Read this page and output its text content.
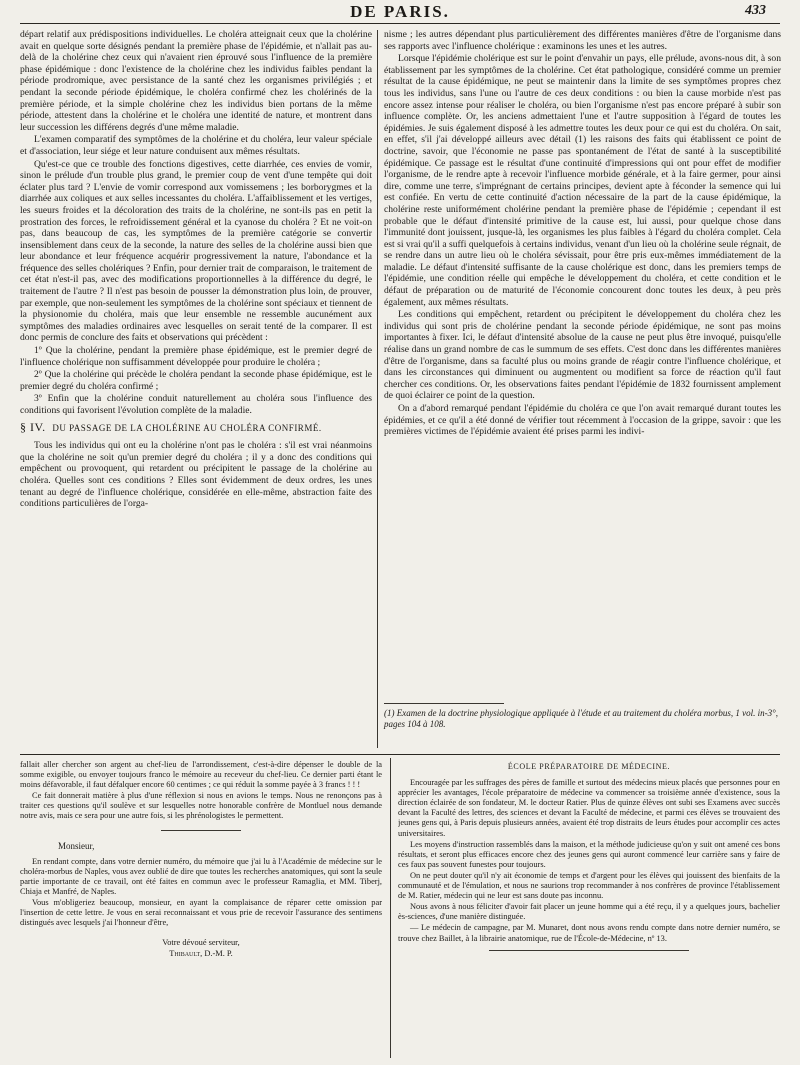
DE PARIS.	433

départ relatif aux prédispositions individuelles. Le choléra atteignait ceux que la cholérine avait en quelque sorte désignés pendant la première phase de l'épidémie, et n'allait pas au-delà de la cholérine chez ceux qui n'avaient rien éprouvé sous l'influence de la première phase épidémique : donc l'existence de la cholérine chez les individus faibles pendant la période prodromique, avec persistance de la santé chez les organismes privilégiés ; et pendant la seconde période épidémique, le choléra confirmé chez les cholérinés de la première période, et la simple cholérine chez les individus bien portans de la même période, attestent dans la cholérine et le choléra une identité de nature, et montrent dans leur succession les différens degrés d'une même maladie.

L'examen comparatif des symptômes de la cholérine et du choléra, leur valeur spéciale et d'association, leur siége et leur nature conduisent aux mêmes résultats.

Qu'est-ce que ce trouble des fonctions digestives, cette diarrhée, ces envies de vomir, sinon le prélude d'un trouble plus grand, le premier coup de vent d'une tempête qui doit éclater plus tard ? L'envie de vomir correspond aux vomissemens ; les borborygmes et la diarrhée aux coliques et aux selles incessantes du choléra. L'affaiblissement et les vertiges, les sueurs froides et la décoloration des traits de la cholérine, ne sont-ils pas en petit la prostration des forces, le refroidissement général et la cyanose du choléra ? Et ne voit-on pas, dans beaucoup de cas, les symptômes de la première catégorie se convertir insensiblement dans ceux de la seconde, la nature des selles de la cholérine aussi bien que leur abondance et leur fréquence acquérir progressivement la nature, l'abondance et la fréquence des selles cholériques ? Enfin, pour dernier trait de comparaison, le traitement de cet état n'est-il pas, avec des modifications proportionnelles à la différence du degré, le traitement de l'autre ? Il n'est pas besoin de pousser la démonstration plus loin, de prouver, par exemple, que non-seulement les symptômes de la cholérine sont spéciaux et tiennent de la physionomie du choléra, mais que leur ensemble ne ressemble aucunément aux symptômes des maladies ordinaires avec lesquelles on serait tenté de la comparer. Il est donc permis de conclure des faits et observations qui précèdent :

1º Que la cholérine, pendant la première phase épidémique, est le premier degré de l'influence cholérique non suffisamment développée pour produire le choléra ;

2º Que la cholérine qui précède le choléra pendant la seconde phase épidémique, est le premier degré du choléra confirmé ;

3º Enfin que la cholérine conduit naturellement au choléra sous l'influence des conditions qui favorisent l'évolution complète de la maladie.

§ IV. DU PASSAGE DE LA CHOLÉRINE AU CHOLÉRA CONFIRMÉ.

Tous les individus qui ont eu la cholérine n'ont pas le choléra : s'il est vrai néanmoins que la cholérine ne soit qu'un premier degré du choléra ; il y a donc des conditions qui empêchent ou provoquent, qui retardent ou précipitent le passage de la cholérine au choléra. Quelles sont ces conditions ? Elles sont évidemment de deux ordres, les unes tenant au degré de l'influence cholérique, considérée en elle-même, abstraction faite des conditions particulières de l'orga-

nisme ; les autres dépendant plus particulièrement des différentes manières d'être de l'organisme dans ses rapports avec l'influence cholérique : examinons les unes et les autres.

Lorsque l'épidémie cholérique est sur le point d'envahir un pays, elle prélude, avons-nous dit, à son établissement par les symptômes de la cholérine. Cet état pathologique, considéré comme un premier résultat de la cause épidémique, ne peut se maintenir dans la limite de ses symptômes propres chez tous les individus, sans l'une ou l'autre de ces deux conditions : ou bien la cause morbide n'est pas encore assez intense pour réaliser le choléra, ou bien l'organisme n'est pas encore préparé à subir son influence complète. Or, les anciens admettaient l'une et l'autre supposition à l'égard de toutes les épidémies. Je suis également disposé à les admettre toutes les deux pour ce qui est du choléra. On sait, en effet, s'il j'ai développé ailleurs avec détail (1) les raisons des faits qui établissent ce point de doctrine, savoir, que l'économie ne passe pas spontanément de l'état de santé à la susceptibilité épidémique. Ce passage est le résultat d'une continuité d'impressions qui ont pour effet de modifier l'organisme, de le rendre apte à recevoir l'influence morbide générale, et à la faire germer, pour ainsi dire, comme une terre, s'imprégnant de certains principes, devient apte à féconder la semence qui lui est confiée. En vertu de cette continuité d'action nécessaire de la part de la cause épidémique, la cholérine reste uniformément cholérine pendant la première phase de l'épidémie ; cependant il est probable que le défaut d'intensité primitive de la cause est, lui aussi, pour quelque chose dans l'immunité dont jouissent, jusque-là, les organismes les plus faibles à l'égard du choléra complet. Cela est si vrai qu'il a suffi quelquefois à certains individus, venant d'un lieu où la cholérine seule régnait, de se rendre dans un autre lieu où le choléra sévissait, pour être pris eux-mêmes immédiatement de la maladie. Le défaut d'intensité suffisante de la cause cholérique est donc, dans les premiers temps de l'épidémie, une condition réelle qui empêche le développement du choléra, et cette condition et le défaut de préparation ou de maturité de l'économie concourent donc toutes les deux, à peu près également, aux mêmes résultats.

Les conditions qui empêchent, retardent ou précipitent le développement du choléra chez les individus qui sont pris de cholérine pendant la seconde période épidémique, ne sont pas moins importantes à fixer. Ici, le défaut d'intensité absolue de la cause ne peut plus être invoqué, puisqu'elle réalise dans un grand nombre de cas le summum de ses effets. C'est donc dans les différentes manières d'être de l'organisme, dans sa faculté plus ou moins grande de réagir contre l'influence cholérique, et dans les circonstances qui diminuent ou augmentent ou modifient sa force de réaction qu'il faut chercher ces conditions. Or, les observations faites pendant l'épidémie de 1832 fournissent amplement de quoi éclairer ce point de la question.

On a d'abord remarqué pendant l'épidémie du choléra ce que l'on avait remarqué durant toutes les épidémies, et ce qu'il a été donné de vérifier tout récemment à l'occasion de la grippe, savoir : que les premières victimes de l'épidémie avaient été prises parmi les indivi-

(1) Examen de la doctrine physiologique appliquée à l'étude et au traitement du choléra morbus, 1 vol. in-3°, pages 104 à 108.

fallait aller chercher son argent au chef-lieu de l'arrondissement, c'est-à-dire dépenser le double de la somme exigible, ou envoyer toujours franco le mémoire au receveur du chef-lieu. Ce dernier parti étant le moins défavorable, il faut défalquer encore 60 centimes ; ce qui réduit la somme payée à 3 francs ! ! !

Ce fait donnerait matière à plus d'une réflexion si nous en avions le temps. Nous ne renonçons pas à traiter ces questions qu'il soulève et sur lesquelles notre honorable confrère de Montluel nous demande notre avis, mais ce sera pour une autre fois, si les phrénologistes le permettent.

Monsieur,

En rendant compte, dans votre dernier numéro, du mémoire que j'ai lu à l'Académie de médecine sur le choléra-morbus de Naples, vous avez oublié de dire que toutes les recherches anatomiques, qui sont la seule partie importante de ce travail, ont été faites en commun avec le professeur Ramaglia, et MM. Tiberj, Chiaja et Manfré, de Naples.

Vous m'obligeriez beaucoup, monsieur, en ayant la complaisance de réparer cette omission par l'insertion de cette lettre. Je vous en serai reconnaissant et vous prie de recevoir l'assurance des sentimens distingués avec lesquels j'ai l'honneur d'être,

Votre dévoué serviteur,

Thibault, D.-M. P.

ÉCOLE PRÉPARATOIRE DE MÉDECINE.

Encouragée par les suffrages des pères de famille et surtout des médecins mieux placés que personnes pour en apprécier les avantages, l'école préparatoire de médecine va commencer sa troisième année d'existence, sous la direction éclairée de son fondateur, M. le docteur Ratier. Plus de quinze élèves ont subi ses Examens avec succès devant la Faculté des lettres, des sciences et devant la Faculté de médecine, et parmi ces élèves se trouvaient des jeunes gens qui, à Paris depuis plusieurs années, avaient été trop distraits de leurs études pour accomplir ces actes universitaires.

Les moyens d'instruction rassemblés dans la maison, et la méthode judicieuse qu'on y suit ont amené ces bons résultats, et seront plus efficaces encore chez des jeunes gens qui auront commencé leur carrière sans y faire de ces faux pas souvent funestes pour toujours.

On ne peut douter qu'il n'y ait économie de temps et d'argent pour les élèves qui jouissent des bienfaits de la communauté et de l'émulation, et nous ne saurions trop recommander à nos confrères de province l'établissement de M. Ratier, médecin qui ne leur est sans doute pas inconnu.

Nous avons à nous féliciter d'avoir fait placer un jeune homme qui a été reçu, il y a quelques jours, bachelier ès-sciences, d'une manière distinguée.

— Le médecin de campagne, par M. Munaret, dont nous avons rendu compte dans notre dernier numéro, se trouve chez Baillet, à la librairie anatomique, rue de l'École-de-Médecine, nº 13.
